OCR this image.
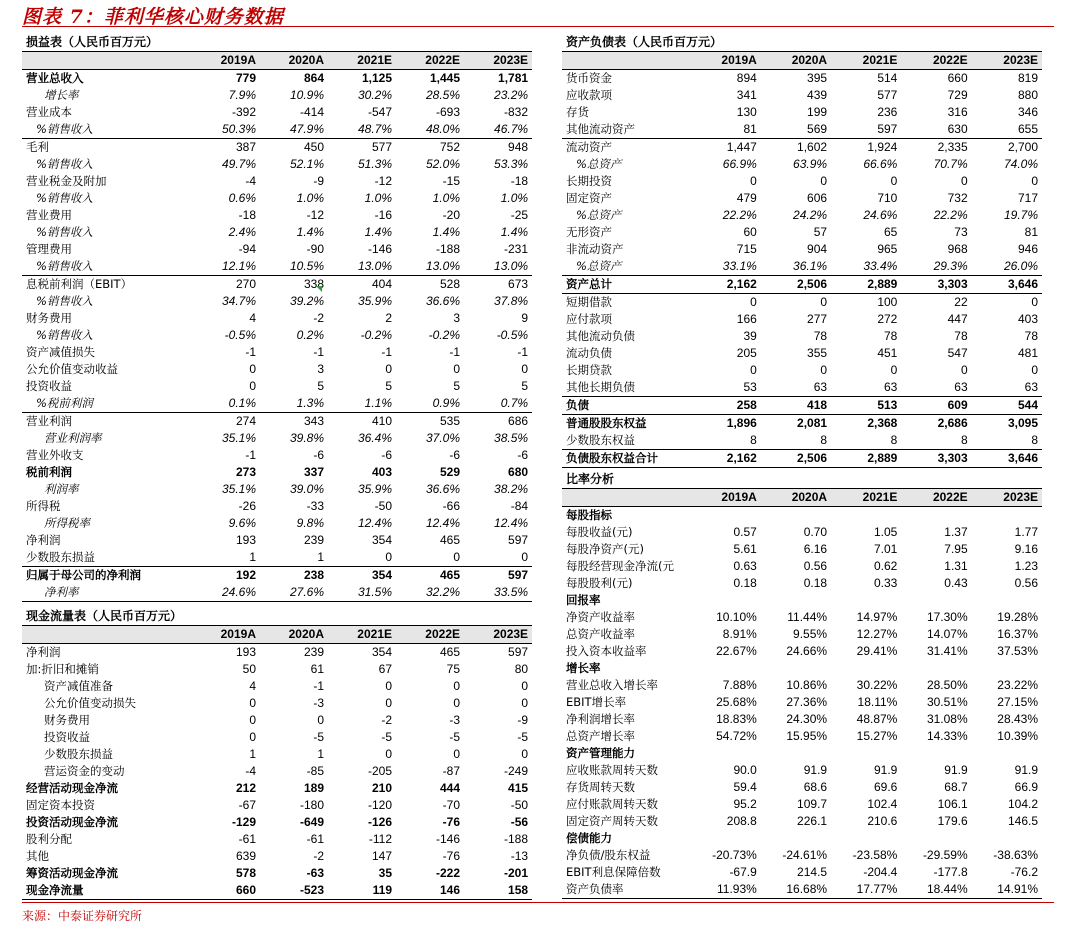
图表 7：菲利华核心财务数据
损益表（人民币百万元）					
	2019A	2020A	2021E	2022E	2023E
营业总收入	779	864	1,125	1,445	1,781
增长率	7.9%	10.9%	30.2%	28.5%	23.2%
营业成本	-392	-414	-547	-693	-832
%销售收入	50.3%	47.9%	48.7%	48.0%	46.7%
毛利	387	450	577	752	948
%销售收入	49.7%	52.1%	51.3%	52.0%	53.3%
营业税金及附加	-4	-9	-12	-15	-18
%销售收入	0.6%	1.0%	1.0%	1.0%	1.0%
营业费用	-18	-12	-16	-20	-25
%销售收入	2.4%	1.4%	1.4%	1.4%	1.4%
管理费用	-94	-90	-146	-188	-231
%销售收入	12.1%	10.5%	13.0%	13.0%	13.0%
息税前利润（EBIT）	270	338	404	528	673
%销售收入	34.7%	39.2%	35.9%	36.6%	37.8%
财务费用	4	-2	2	3	9
%销售收入	-0.5%	0.2%	-0.2%	-0.2%	-0.5%
资产减值损失	-1	-1	-1	-1	-1
公允价值变动收益	0	3	0	0	0
投资收益	0	5	5	5	5
%税前利润	0.1%	1.3%	1.1%	0.9%	0.7%
营业利润	274	343	410	535	686
营业利润率	35.1%	39.8%	36.4%	37.0%	38.5%
营业外收支	-1	-6	-6	-6	-6
税前利润	273	337	403	529	680
利润率	35.1%	39.0%	35.9%	36.6%	38.2%
所得税	-26	-33	-50	-66	-84
所得税率	9.6%	9.8%	12.4%	12.4%	12.4%
净利润	193	239	354	465	597
少数股东损益	1	1	0	0	0
归属于母公司的净利润	192	238	354	465	597
净利率	24.6%	27.6%	31.5%	32.2%	33.5%
现金流量表（人民币百万元）					
	2019A	2020A	2021E	2022E	2023E
净利润	193	239	354	465	597
加:折旧和摊销	50	61	67	75	80
资产减值准备	4	-1	0	0	0
公允价值变动损失	0	-3	0	0	0
财务费用	0	0	-2	-3	-9
投资收益	0	-5	-5	-5	-5
少数股东损益	1	1	0	0	0
营运资金的变动	-4	-85	-205	-87	-249
经营活动现金净流	212	189	210	444	415
固定资本投资	-67	-180	-120	-70	-50
投资活动现金净流	-129	-649	-126	-76	-56
股利分配	-61	-61	-112	-146	-188
其他	639	-2	147	-76	-13
筹资活动现金净流	578	-63	35	-222	-201
现金净流量	660	-523	119	146	158
资产负债表（人民币百万元）					
	2019A	2020A	2021E	2022E	2023E
货币资金	894	395	514	660	819
应收款项	341	439	577	729	880
存货	130	199	236	316	346
其他流动资产	81	569	597	630	655
流动资产	1,447	1,602	1,924	2,335	2,700
%总资产	66.9%	63.9%	66.6%	70.7%	74.0%
长期投资	0	0	0	0	0
固定资产	479	606	710	732	717
%总资产	22.2%	24.2%	24.6%	22.2%	19.7%
无形资产	60	57	65	73	81
非流动资产	715	904	965	968	946
%总资产	33.1%	36.1%	33.4%	29.3%	26.0%
资产总计	2,162	2,506	2,889	3,303	3,646
短期借款	0	0	100	22	0
应付款项	166	277	272	447	403
其他流动负债	39	78	78	78	78
流动负债	205	355	451	547	481
长期贷款	0	0	0	0	0
其他长期负债	53	63	63	63	63
负债	258	418	513	609	544
普通股股东权益	1,896	2,081	2,368	2,686	3,095
少数股东权益	8	8	8	8	8
负债股东权益合计	2,162	2,506	2,889	3,303	3,646
比率分析					
	2019A	2020A	2021E	2022E	2023E
每股指标					
每股收益(元)	0.57	0.70	1.05	1.37	1.77
每股净资产(元)	5.61	6.16	7.01	7.95	9.16
每股经营现金净流(元	0.63	0.56	0.62	1.31	1.23
每股股利(元)	0.18	0.18	0.33	0.43	0.56
回报率					
净资产收益率	10.10%	11.44%	14.97%	17.30%	19.28%
总资产收益率	8.91%	9.55%	12.27%	14.07%	16.37%
投入资本收益率	22.67%	24.66%	29.41%	31.41%	37.53%
增长率					
营业总收入增长率	7.88%	10.86%	30.22%	28.50%	23.22%
EBIT增长率	25.68%	27.36%	18.11%	30.51%	27.15%
净利润增长率	18.83%	24.30%	48.87%	31.08%	28.43%
总资产增长率	54.72%	15.95%	15.27%	14.33%	10.39%
资产管理能力					
应收账款周转天数	90.0	91.9	91.9	91.9	91.9
存货周转天数	59.4	68.6	69.6	68.7	66.9
应付账款周转天数	95.2	109.7	102.4	106.1	104.2
固定资产周转天数	208.8	226.1	210.6	179.6	146.5
偿债能力					
净负债/股东权益	-20.73%	-24.61%	-23.58%	-29.59%	-38.63%
EBIT利息保障倍数	-67.9	214.5	-204.4	-177.8	-76.2
资产负债率	11.93%	16.68%	17.77%	18.44%	14.91%
来源：中泰证券研究所
